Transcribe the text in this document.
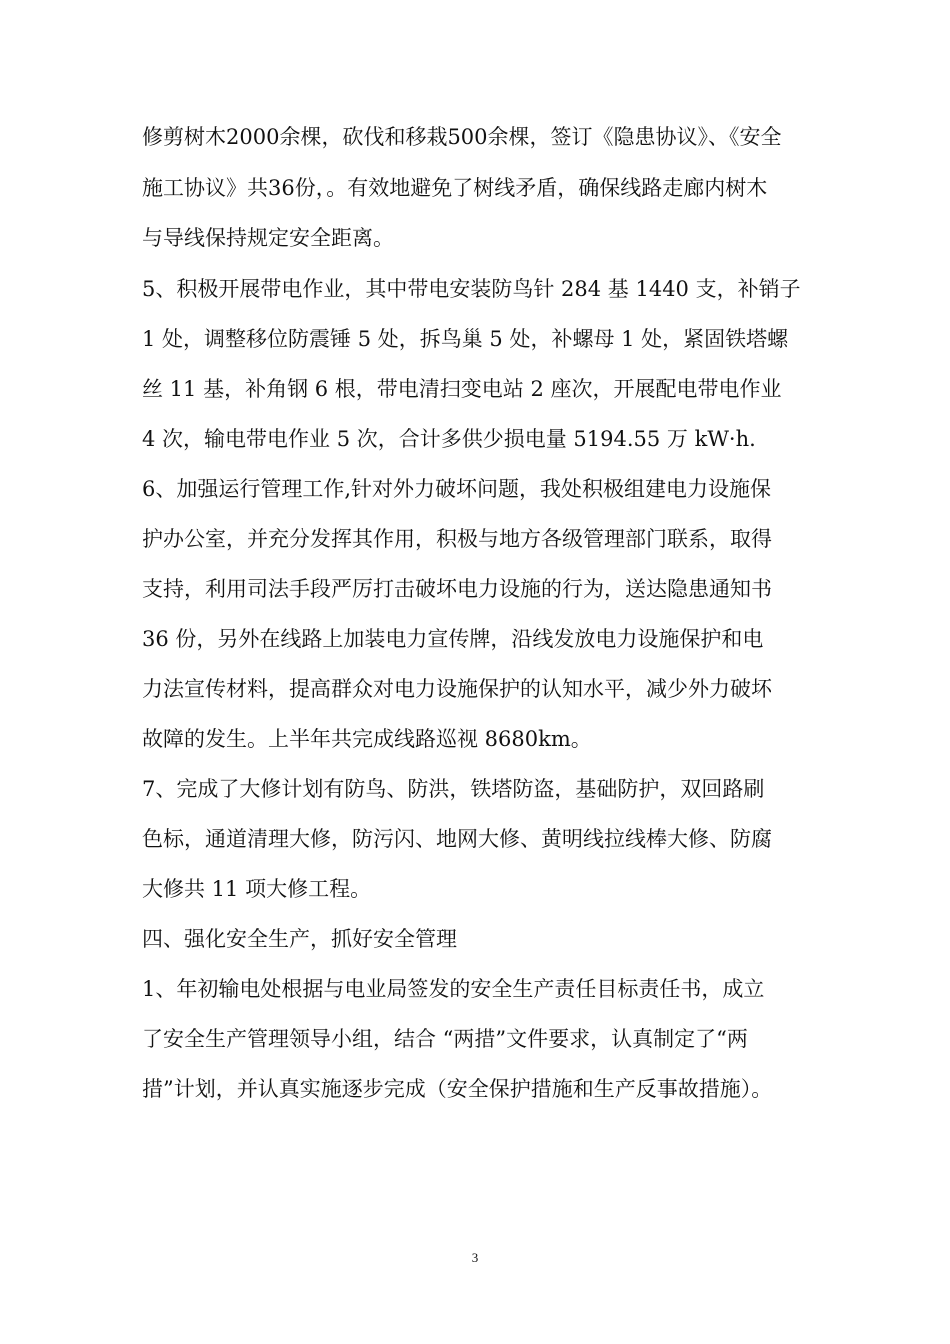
修剪树木2000余棵，砍伐和移栽500余棵，签订《隐患协议》、《安全
施工协议》共36份，。有效地避免了树线矛盾，确保线路走廊内树木
与导线保持规定安全距离。
5、积极开展带电作业，其中带电安装防鸟针 284 基 1440 支，补销子
1 处，调整移位防震锤 5 处，拆鸟巢 5 处，补螺母 1 处，紧固铁塔螺
丝 11 基，补角钢 6 根，带电清扫变电站 2 座次，开展配电带电作业
4 次，输电带电作业 5 次，合计多供少损电量 5194.55 万 kW·h.
6、加强运行管理工作,针对外力破坏问题，我处积极组建电力设施保
护办公室，并充分发挥其作用，积极与地方各级管理部门联系，取得
支持，利用司法手段严厉打击破坏电力设施的行为，送达隐患通知书
36 份，另外在线路上加装电力宣传牌，沿线发放电力设施保护和电
力法宣传材料，提高群众对电力设施保护的认知水平，减少外力破坏
故障的发生。上半年共完成线路巡视 8680km。
7、完成了大修计划有防鸟、防洪，铁塔防盗，基础防护，双回路刷
色标，通道清理大修，防污闪、地网大修、黄明线拉线棒大修、防腐
大修共 11 项大修工程。
四、强化安全生产，抓好安全管理
1、年初输电处根据与电业局签发的安全生产责任目标责任书，成立
了安全生产管理领导小组，结合 “两措”文件要求，认真制定了“两
措”计划，并认真实施逐步完成（安全保护措施和生产反事故措施）。
3
